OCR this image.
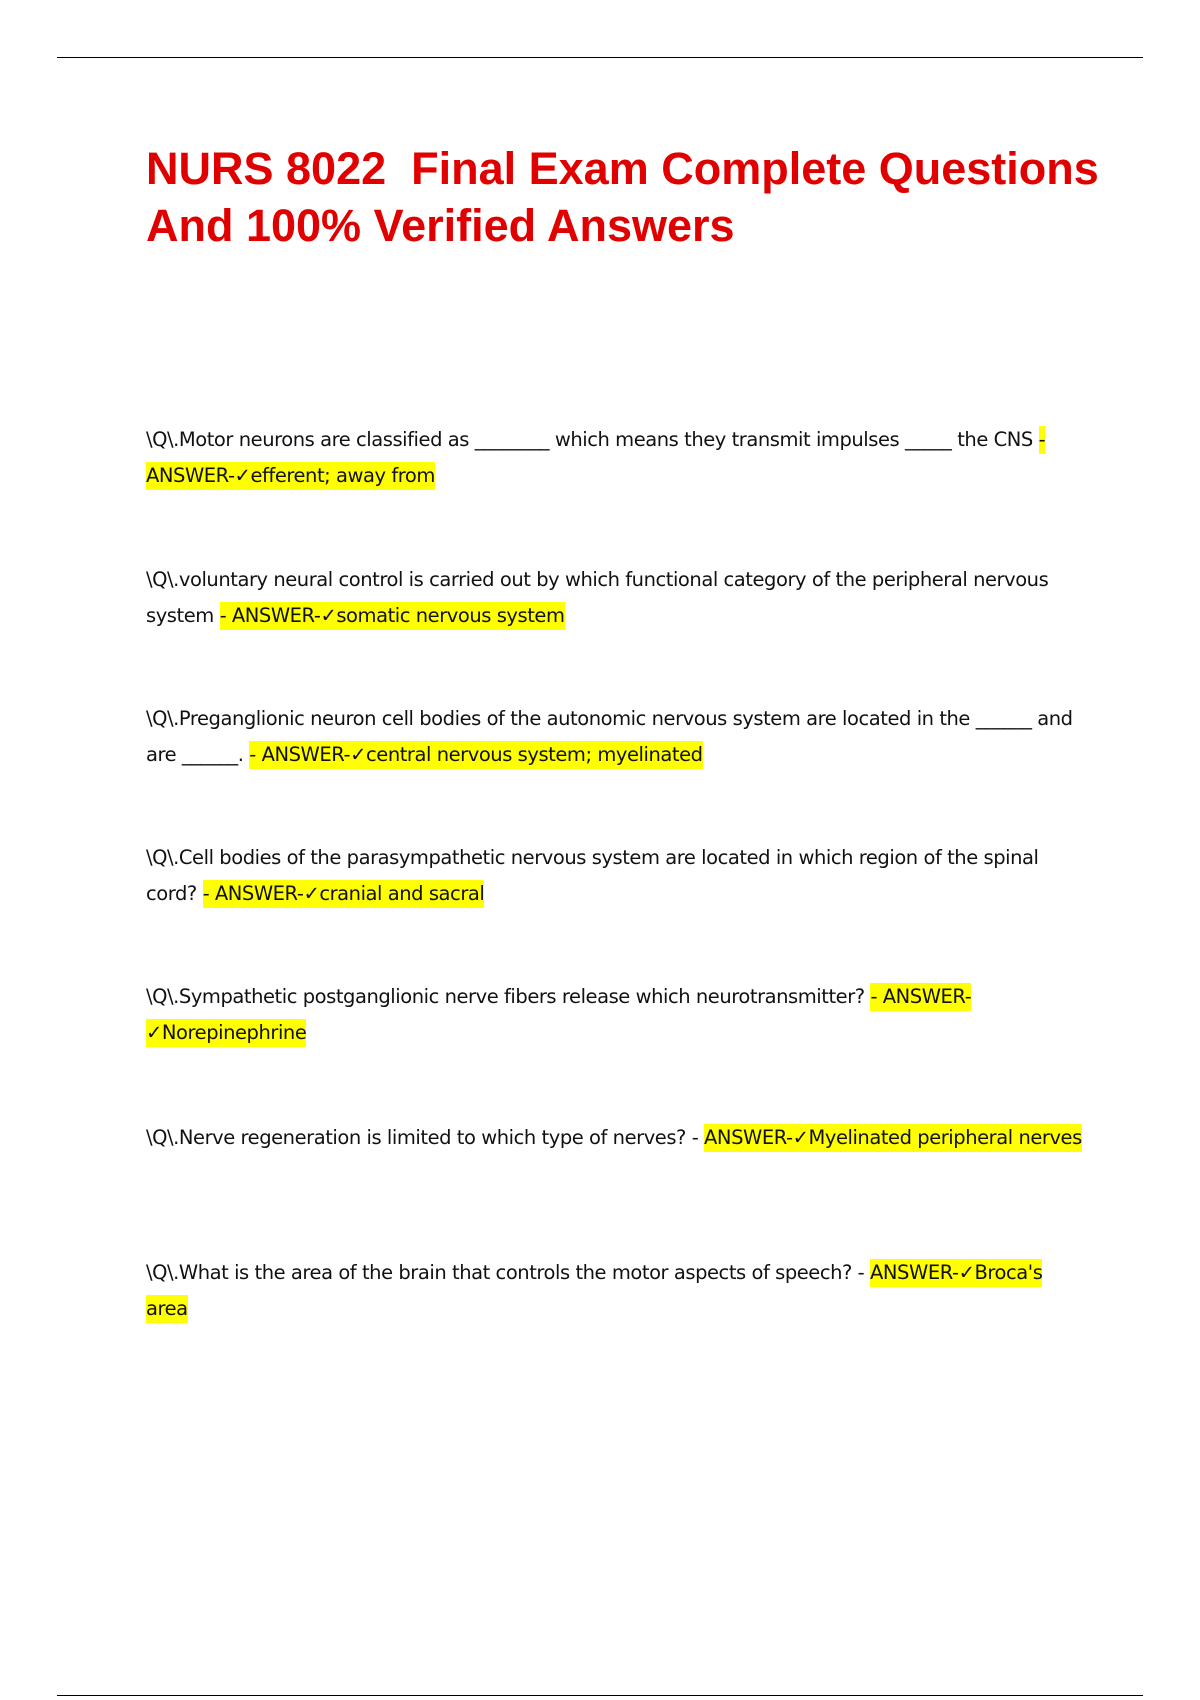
NURS 8022  Final Exam Complete Questions And 100% Verified Answers

\Q\.Motor neurons are classified as ________ which means they transmit impulses _____ the CNS - ANSWER-✓efferent; away from

\Q\.voluntary neural control is carried out by which functional category of the peripheral nervous system - ANSWER-✓somatic nervous system

\Q\.Preganglionic neuron cell bodies of the autonomic nervous system are located in the ______ and are ______. - ANSWER-✓central nervous system; myelinated

\Q\.Cell bodies of the parasympathetic nervous system are located in which region of the spinal cord? - ANSWER-✓cranial and sacral

\Q\.Sympathetic postganglionic nerve fibers release which neurotransmitter? - ANSWER-✓Norepinephrine

\Q\.Nerve regeneration is limited to which type of nerves? - ANSWER-✓Myelinated peripheral nerves

\Q\.What is the area of the brain that controls the motor aspects of speech? - ANSWER-✓Broca's area
